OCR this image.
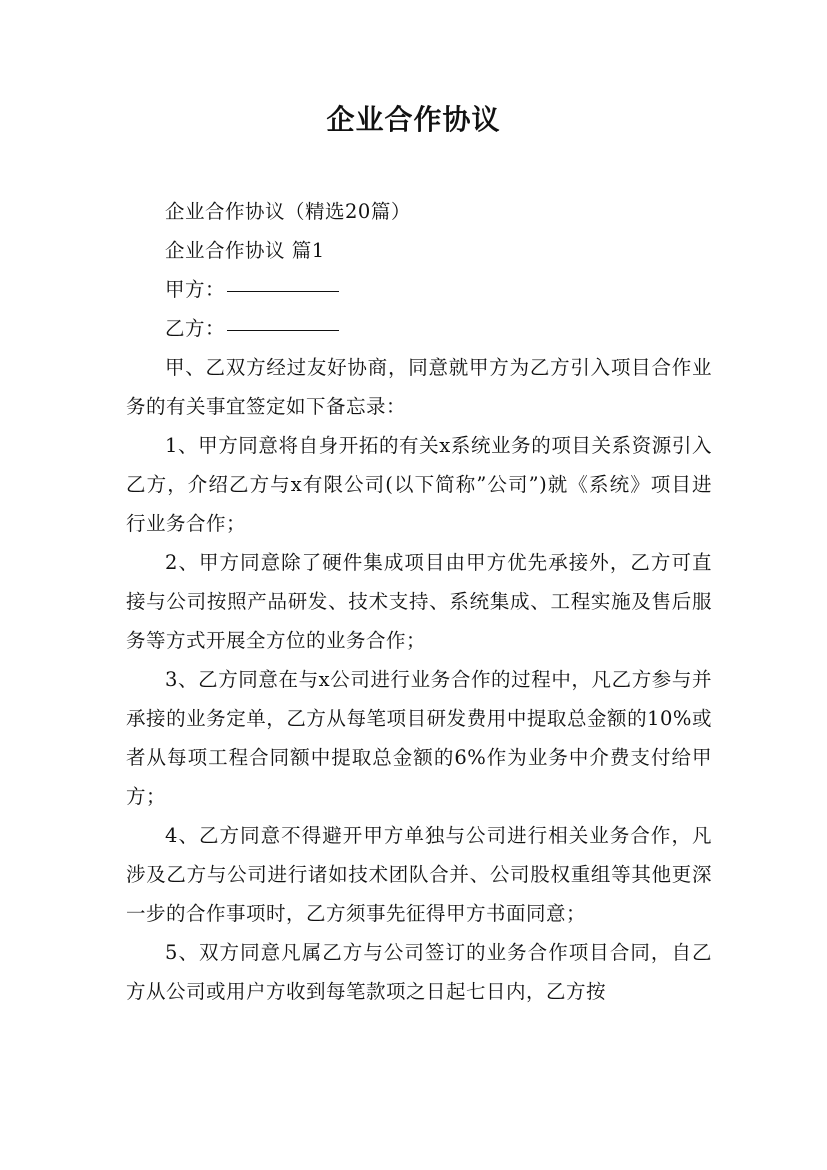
企业合作协议

企业合作协议（精选20篇）

企业合作协议 篇1

甲方：

乙方：

甲、乙双方经过友好协商，同意就甲方为乙方引入项目合作业务的有关事宜签定如下备忘录：

1、甲方同意将自身开拓的有关x系统业务的项目关系资源引入乙方，介绍乙方与x有限公司(以下简称”公司”)就《系统》项目进行业务合作；

2、甲方同意除了硬件集成项目由甲方优先承接外，乙方可直接与公司按照产品研发、技术支持、系统集成、工程实施及售后服务等方式开展全方位的业务合作；

3、乙方同意在与x公司进行业务合作的过程中，凡乙方参与并承接的业务定单，乙方从每笔项目研发费用中提取总金额的10%或者从每项工程合同额中提取总金额的6%作为业务中介费支付给甲方；

4、乙方同意不得避开甲方单独与公司进行相关业务合作，凡涉及乙方与公司进行诸如技术团队合并、公司股权重组等其他更深一步的合作事项时，乙方须事先征得甲方书面同意；

5、双方同意凡属乙方与公司签订的业务合作项目合同，自乙方从公司或用户方收到每笔款项之日起七日内，乙方按
